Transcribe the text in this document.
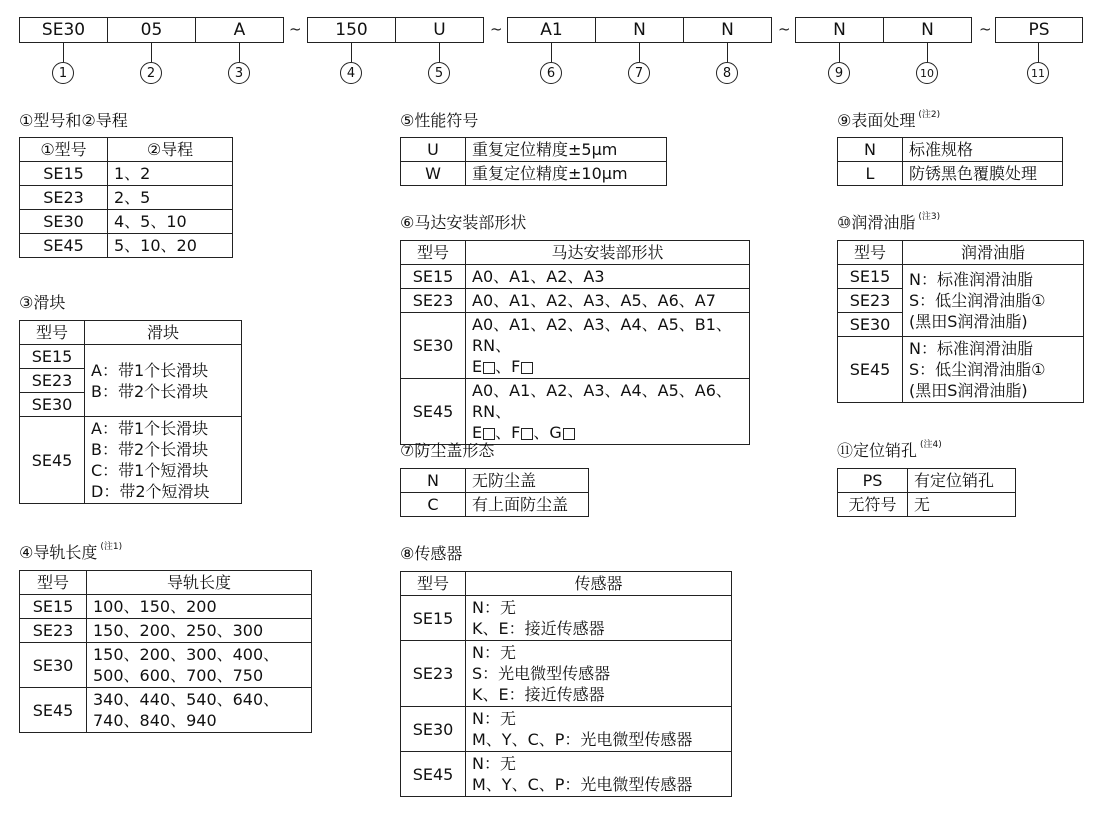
SE30	05	A	~	150	U	~	A1	N	N	~	N	N	~	PS
1	2	3	4	5	6	7	8	9	10	11
①型号和②导程
①型号	②导程
SE15	1、2
SE23	2、5
SE30	4、5、10
SE45	5、10、20
③滑块
型号	滑块
SE15	A：带1个长滑块
B：带2个长滑块
SE23	
SE30	
SE45	A：带1个长滑块
B：带2个长滑块
C：带1个短滑块
D：带2个短滑块
④导轨长度 $^{(注1)}$
型号	导轨长度
SE15	100、150、200
SE23	150、200、250、300
SE30	150、200、300、400、
500、600、700、750
SE45	340、440、540、640、
740、840、940
⑤性能符号
U	重复定位精度±5μm
W	重复定位精度±10μm
⑥马达安装部形状
型号	马达安装部形状
SE15	A0、A1、A2、A3
SE23	A0、A1、A2、A3、A5、A6、A7
SE30	A0、A1、A2、A3、A4、A5、B1、RN、
E 、F
SE45	A0、A1、A2、A3、A4、A5、A6、RN、
E 、F 、G
⑦防尘盖形态
N	无防尘盖
C	有上面防尘盖
⑧传感器
型号	传感器
SE15	N：无
K、E：接近传感器
SE23	N：无
S：光电微型传感器
K、E：接近传感器
SE30	N：无
M、Y、C、P：光电微型传感器
SE45	N：无
M、Y、C、P：光电微型传感器
⑨表面处理 $^{(注2)}$
N	标准规格
L	防锈黑色覆膜处理
⑩润滑油脂 $^{(注3)}$
型号	润滑油脂
SE15	N：标准润滑油脂
S：低尘润滑油脂①
(黑田S润滑油脂)
SE23	
SE30	
SE45	N：标准润滑油脂
S：低尘润滑油脂①
(黑田S润滑油脂)
⑪定位销孔 $^{(注4)}$
PS	有定位销孔
无符号	无
